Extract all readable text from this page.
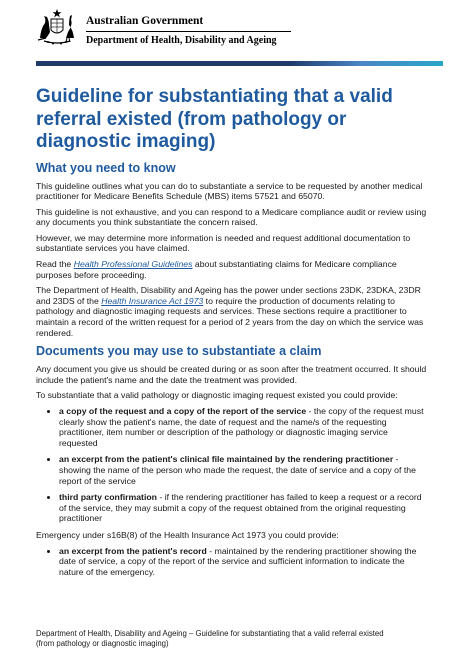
Australian Government
Department of Health, Disability and Ageing
Guideline for substantiating that a valid referral existed (from pathology or diagnostic imaging)
What you need to know

This guideline outlines what you can do to substantiate a service to be requested by another medical practitioner for Medicare Benefits Schedule (MBS) items 57521 and 65070.

This guideline is not exhaustive, and you can respond to a Medicare compliance audit or review using any documents you think substantiate the concern raised.

However, we may determine more information is needed and request additional documentation to substantiate services you have claimed.

Read the Health Professional Guidelines about substantiating claims for Medicare compliance purposes before proceeding.

The Department of Health, Disability and Ageing has the power under sections 23DK, 23DKA, 23DR and 23DS of the Health Insurance Act 1973 to require the production of documents relating to pathology and diagnostic imaging requests and services. These sections require a practitioner to maintain a record of the written request for a period of 2 years from the day on which the service was rendered.

Documents you may use to substantiate a claim

Any document you give us should be created during or as soon after the treatment occurred. It should include the patient's name and the date the treatment was provided.

To substantiate that a valid pathology or diagnostic imaging request existed you could provide:

• a copy of the request and a copy of the report of the service - the copy of the request must clearly show the patient's name, the date of request and the name/s of the requesting practitioner, item number or description of the pathology or diagnostic imaging service requested
• an excerpt from the patient's clinical file maintained by the rendering practitioner - showing the name of the person who made the request, the date of service and a copy of the report of the service
• third party confirmation - if the rendering practitioner has failed to keep a request or a record of the service, they may submit a copy of the request obtained from the original requesting practitioner

Emergency under s16B(8) of the Health Insurance Act 1973 you could provide:

• an excerpt from the patient's record - maintained by the rendering practitioner showing the date of service, a copy of the report of the service and sufficient information to indicate the nature of the emergency.
Department of Health, Disability and Ageing – Guideline for substantiating that a valid referral existed
(from pathology or diagnostic imaging)
